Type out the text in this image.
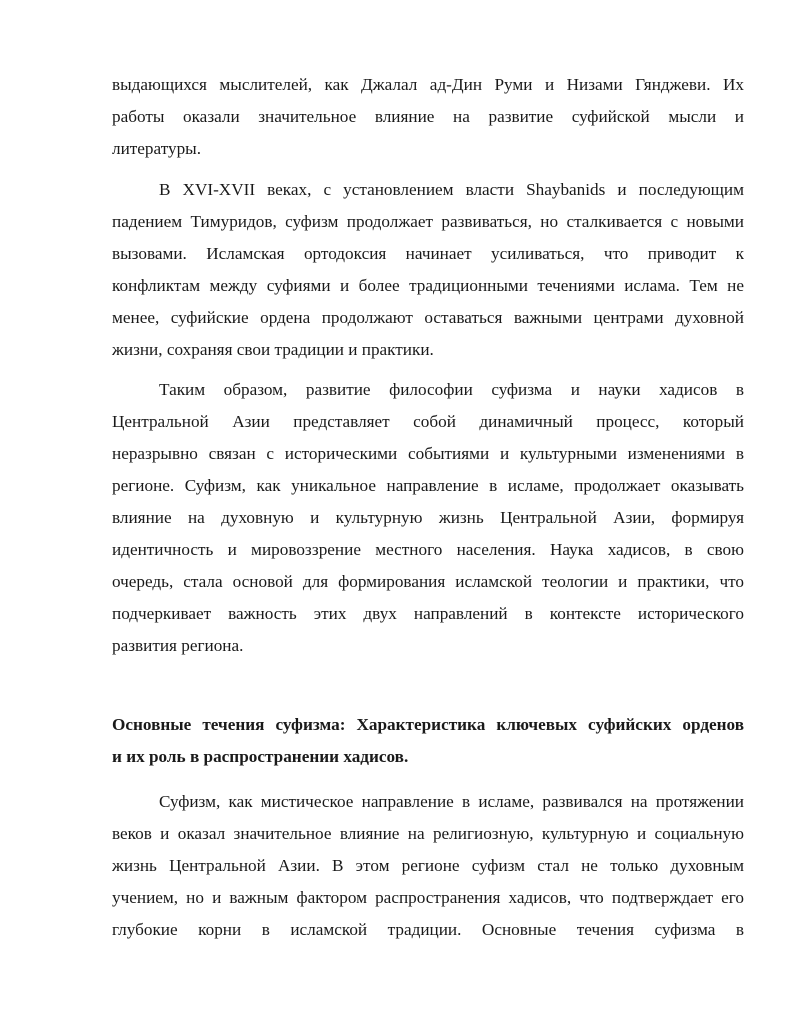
выдающихся мыслителей, как Джалал ад-Дин Руми и Низами Гянджеви. Их
работы оказали значительное влияние на развитие суфийской мысли и
литературы.
В XVI-XVII веках, с установлением власти Shaybanids и последующим
падением Тимуридов, суфизм продолжает развиваться, но сталкивается с новыми
вызовами. Исламская ортодоксия начинает усиливаться, что приводит к
конфликтам между суфиями и более традиционными течениями ислама. Тем не
менее, суфийские ордена продолжают оставаться важными центрами духовной
жизни, сохраняя свои традиции и практики.
Таким образом, развитие философии суфизма и науки хадисов в
Центральной Азии представляет собой динамичный процесс, который
неразрывно связан с историческими событиями и культурными изменениями в
регионе. Суфизм, как уникальное направление в исламе, продолжает оказывать
влияние на духовную и культурную жизнь Центральной Азии, формируя
идентичность и мировоззрение местного населения. Наука хадисов, в свою
очередь, стала основой для формирования исламской теологии и практики, что
подчеркивает важность этих двух направлений в контексте исторического
развития региона.
Основные течения суфизма: Характеристика ключевых суфийских орденов
и их роль в распространении хадисов.
Суфизм, как мистическое направление в исламе, развивался на протяжении
веков и оказал значительное влияние на религиозную, культурную и социальную
жизнь Центральной Азии. В этом регионе суфизм стал не только духовным
учением, но и важным фактором распространения хадисов, что подтверждает его
глубокие корни в исламской традиции. Основные течения суфизма в
